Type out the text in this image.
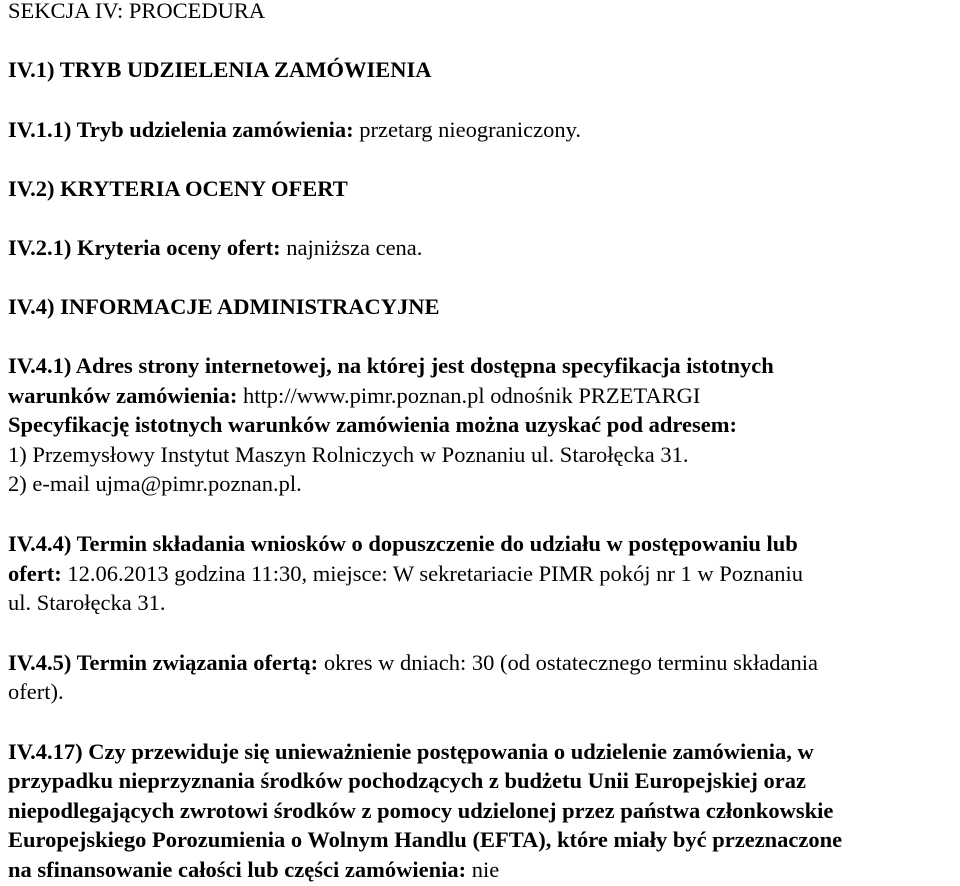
SEKCJA IV: PROCEDURA
IV.1) TRYB UDZIELENIA ZAMÓWIENIA
IV.1.1) Tryb udzielenia zamówienia: przetarg nieograniczony.
IV.2) KRYTERIA OCENY OFERT
IV.2.1) Kryteria oceny ofert: najniższa cena.
IV.4) INFORMACJE ADMINISTRACYJNE
IV.4.1) Adres strony internetowej, na której jest dostępna specyfikacja istotnych
warunków zamówienia: http://www.pimr.poznan.pl odnośnik PRZETARGI
Specyfikację istotnych warunków zamówienia można uzyskać pod adresem:
1) Przemysłowy Instytut Maszyn Rolniczych w Poznaniu ul. Starołęcka 31.
2) e-mail ujma@pimr.poznan.pl.
IV.4.4) Termin składania wniosków o dopuszczenie do udziału w postępowaniu lub
ofert: 12.06.2013 godzina 11:30, miejsce: W sekretariacie PIMR pokój nr 1 w Poznaniu
ul. Starołęcka 31.
IV.4.5) Termin związania ofertą: okres w dniach: 30 (od ostatecznego terminu składania
ofert).
IV.4.17) Czy przewiduje się unieważnienie postępowania o udzielenie zamówienia, w
przypadku nieprzyznania środków pochodzących z budżetu Unii Europejskiej oraz
niepodlegających zwrotowi środków z pomocy udzielonej przez państwa członkowskie
Europejskiego Porozumienia o Wolnym Handlu (EFTA), które miały być przeznaczone
na sfinansowanie całości lub części zamówienia: nie
